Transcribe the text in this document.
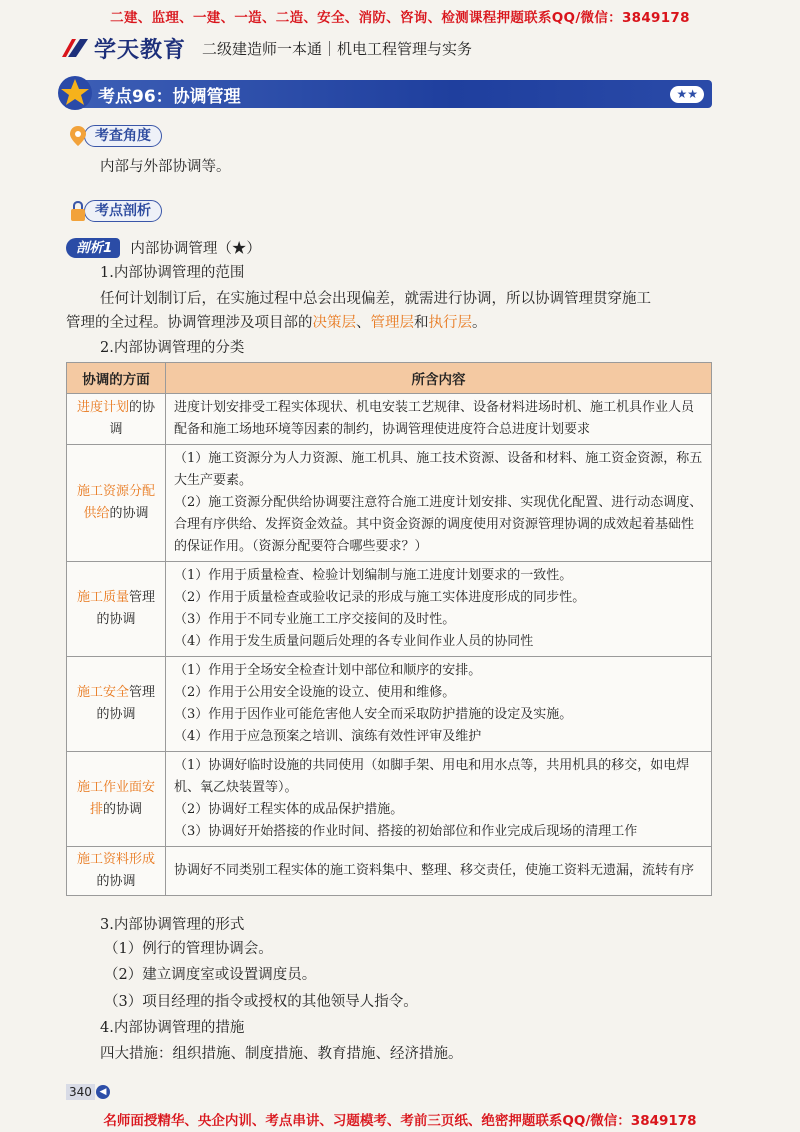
二建、监理、一建、一造、二造、安全、消防、咨询、检测课程押题联系QQ/微信：3849178
学天教育 二级建造师一本通｜机电工程管理与实务
考点96：协调管理	★★
考查角度
内部与外部协调等。
考点剖析
剖析1	内部协调管理（★）
1.内部协调管理的范围
任何计划制订后，在实施过程中总会出现偏差，就需进行协调，所以协调管理贯穿施工
管理的全过程。协调管理涉及项目部的决策层、管理层和执行层。
2.内部协调管理的分类
协调的方面	所含内容
进度计划的协调	进度计划安排受工程实体现状、机电安装工艺规律、设备材料进场时机、施工机具作业人员配备和施工场地环境等因素的制约，协调管理使进度符合总进度计划要求

施工资源分配供给的协调	（1）施工资源分为人力资源、施工机具、施工技术资源、设备和材料、施工资金资源，称五大生产要素。
（2）施工资源分配供给协调要注意符合施工进度计划安排、实现优化配置、进行动态调度、合理有序供给、发挥资金效益。其中资金资源的调度使用对资源管理协调的成效起着基础性的保证作用。（资源分配要符合哪些要求？）

施工质量管理的协调	（1）作用于质量检查、检验计划编制与施工进度计划要求的一致性。
（2）作用于质量检查或验收记录的形成与施工实体进度形成的同步性。
（3）作用于不同专业施工工序交接间的及时性。
（4）作用于发生质量问题后处理的各专业间作业人员的协同性

施工安全管理的协调	（1）作用于全场安全检查计划中部位和顺序的安排。
（2）作用于公用安全设施的设立、使用和维修。
（3）作用于因作业可能危害他人安全而采取防护措施的设定及实施。
（4）作用于应急预案之培训、演练有效性评审及维护

施工作业面安排的协调	（1）协调好临时设施的共同使用（如脚手架、用电和用水点等，共用机具的移交，如电焊机、氧乙炔装置等）。
（2）协调好工程实体的成品保护措施。
（3）协调好开始搭接的作业时间、搭接的初始部位和作业完成后现场的清理工作

施工资料形成的协调	协调好不同类别工程实体的施工资料集中、整理、移交责任，使施工资料无遗漏，流转有序
3.内部协调管理的形式
（1）例行的管理协调会。
（2）建立调度室或设置调度员。
（3）项目经理的指令或授权的其他领导人指令。
4.内部协调管理的措施
四大措施：组织措施、制度措施、教育措施、经济措施。
340 ◀
名师面授精华、央企内训、考点串讲、习题模考、考前三页纸、绝密押题联系QQ/微信：3849178
